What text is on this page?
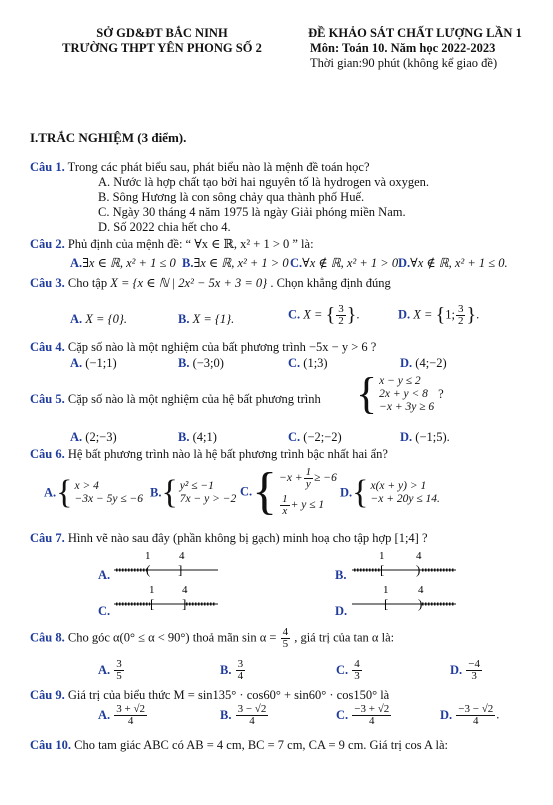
SỞ GD&ĐT BẮC NINH
TRƯỜNG THPT YÊN PHONG SỐ 2
ĐỀ KHẢO SÁT CHẤT LƯỢNG LẦN 1
Môn: Toán 10. Năm học 2022-2023
Thời gian:90 phút (không kể giao đề)
I.TRẮC NGHIỆM (3 điểm).
Câu 1. Trong các phát biểu sau, phát biểu nào là mệnh đề toán học?
A. Nước là hợp chất tạo bởi hai nguyên tố là hydrogen và oxygen.
B. Sông Hương là con sông chảy qua thành phố Huế.
C. Ngày 30 tháng 4 năm 1975 là ngày Giải phóng miền Nam.
D. Số 2022 chia hết cho 4.
Câu 2. Phủ định của mệnh đề: “ ∀x ∈ ℝ, x² + 1 > 0 ” là:
A.∃x ∈ ℝ, x² + 1 ≤ 0 B.∃x ∈ ℝ, x² + 1 > 0 C.∀x ∉ ℝ, x² + 1 > 0 D.∀x ∉ ℝ, x² + 1 ≤ 0.
Câu 3. Cho tập X = {x ∈ ℕ | 2x² − 5x + 3 = 0} . Chọn khẳng định đúng
A. X = {0}.	B. X = {1}.	C. X = { $\frac{3}{2}$ }.	D. X = {1; $\frac{3}{2}$ }.
Câu 4. Cặp số nào là một nghiệm của bất phương trình −5x − y > 6 ?
A. (−1;1)	B. (−3;0)	C. (1;3)	D. (4;−2)
Câu 5. Cặp số nào là một nghiệm của hệ bất phương trình { x − y ≤ 2
2x + y < 8
−x + 3y ≥ 6
?
A. (2;−3)	B. (4;1)	C. (−2;−2)	D. (−1;5).
Câu 6. Hệ bất phương trình nào là hệ bất phương trình bậc nhất hai ẩn?
A.{ x > 4
−3x − 5y ≤ −6 B.{ y² ≤ −1
7x − y > −2
$C.\{ -x + \frac{1}{y} \ge -6$
$\frac{1}{x} + y \le 1$
D.{ x(x + y) > 1
−x + 20y ≤ 14.
Câu 7. Hình vẽ nào sau đây (phần không bị gạch) minh hoạ cho tập hợp [1;4] ?
A.
1	4
( ]	B.
1	4
[ )
C.
1	4
[ ]	D.
1	4
[ )
Câu 8. Cho góc α(0° ≤ α < 90°) thoả mãn $\sin \alpha = \frac{4}{5}$ , giá trị của tan α là:
A. $\frac{3}{5}$	B. $\frac{3}{4}$	C. $\frac{4}{3}$	D. $\frac{-4}{3}$
Câu 9. Giá trị của biểu thức M = sin135° · cos60° + sin60° · cos150° là
A. $\frac{3 + √2}{4}$	B. $\frac{3 - √2}{4}$	C. $\frac{-3 + √2}{4}$	D. $\frac{-3 - √2}{4}$ .
Câu 10. Cho tam giác ABC có AB = 4 cm, BC = 7 cm, CA = 9 cm. Giá trị cos A là:
